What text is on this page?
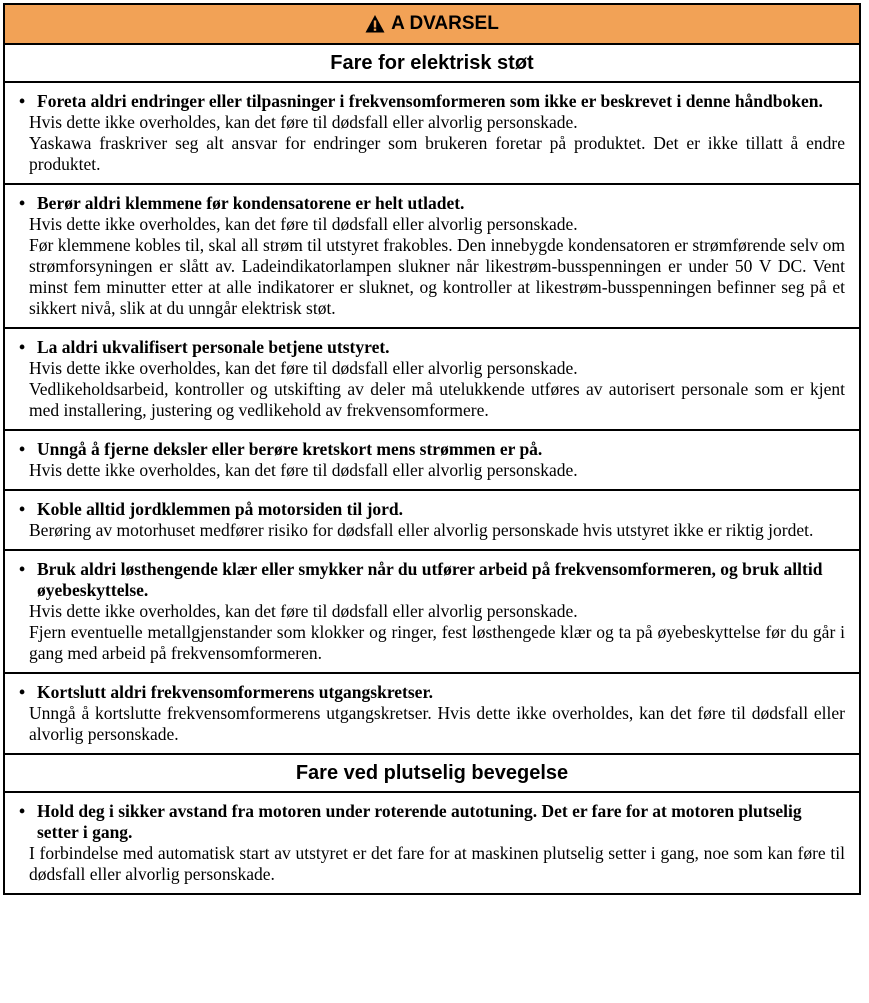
A DVARSEL
Fare for elektrisk støt
• Foreta aldri endringer eller tilpasninger i frekvensomformeren som ikke er beskrevet i denne håndboken.
Hvis dette ikke overholdes, kan det føre til dødsfall eller alvorlig personskade.
Yaskawa fraskriver seg alt ansvar for endringer som brukeren foretar på produktet. Det er ikke tillatt å endre produktet.
• Berør aldri klemmene før kondensatorene er helt utladet.
Hvis dette ikke overholdes, kan det føre til dødsfall eller alvorlig personskade.
Før klemmene kobles til, skal all strøm til utstyret frakobles. Den innebygde kondensatoren er strømførende selv om strømforsyningen er slått av. Ladeindikatorlampen slukner når likestrøm-busspenningen er under 50 V DC. Vent minst fem minutter etter at alle indikatorer er sluknet, og kontroller at likestrøm-busspenningen befinner seg på et sikkert nivå, slik at du unngår elektrisk støt.
• La aldri ukvalifisert personale betjene utstyret.
Hvis dette ikke overholdes, kan det føre til dødsfall eller alvorlig personskade.
Vedlikeholdsarbeid, kontroller og utskifting av deler må utelukkende utføres av autorisert personale som er kjent med installering, justering og vedlikehold av frekvensomformere.
• Unngå å fjerne deksler eller berøre kretskort mens strømmen er på.
Hvis dette ikke overholdes, kan det føre til dødsfall eller alvorlig personskade.
• Koble alltid jordklemmen på motorsiden til jord.
Berøring av motorhuset medfører risiko for dødsfall eller alvorlig personskade hvis utstyret ikke er riktig jordet.
• Bruk aldri løsthengende klær eller smykker når du utfører arbeid på frekvensomformeren, og bruk alltid øyebeskyttelse.
Hvis dette ikke overholdes, kan det føre til dødsfall eller alvorlig personskade.
Fjern eventuelle metallgjenstander som klokker og ringer, fest løsthengede klær og ta på øyebeskyttelse før du går i gang med arbeid på frekvensomformeren.
• Kortslutt aldri frekvensomformerens utgangskretser.
Unngå å kortslutte frekvensomformerens utgangskretser. Hvis dette ikke overholdes, kan det føre til dødsfall eller alvorlig personskade.
Fare ved plutselig bevegelse
• Hold deg i sikker avstand fra motoren under roterende autotuning. Det er fare for at motoren plutselig setter i gang.
I forbindelse med automatisk start av utstyret er det fare for at maskinen plutselig setter i gang, noe som kan føre til dødsfall eller alvorlig personskade.
